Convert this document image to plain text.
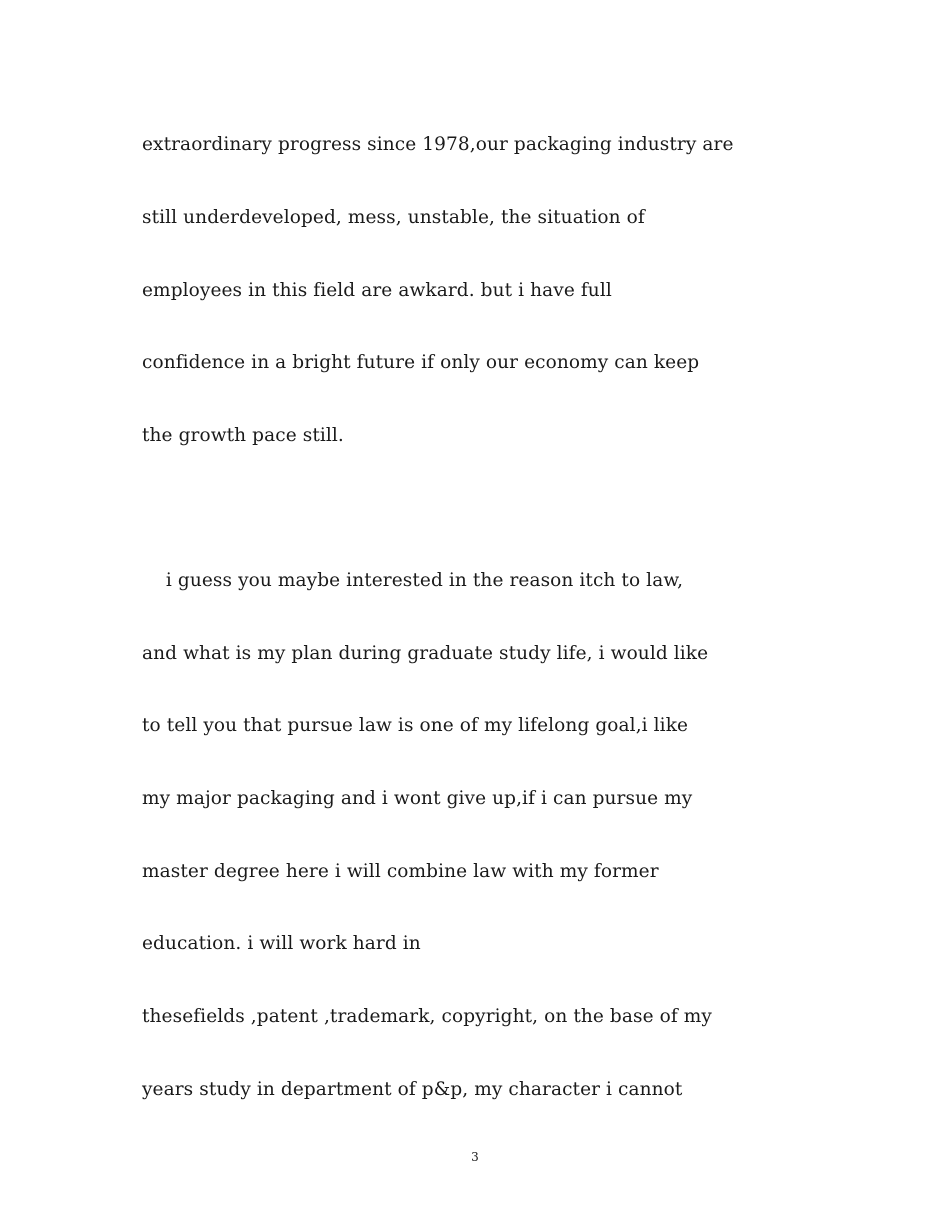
extraordinary progress since 1978,our packaging industry are
still underdeveloped, mess, unstable, the situation of
employees in this field are awkard. but i have full
confidence in a bright future if only our economy can keep
the growth pace still.
i guess you maybe interested in the reason itch to law,
and what is my plan during graduate study life, i would like
to tell you that pursue law is one of my lifelong goal,i like
my major packaging and i wont give up,if i can pursue my
master degree here i will combine law with my former
education. i will work hard in
thesefields ,patent ,trademark, copyright, on the base of my
years study in department of p&p, my character i cannot
3
